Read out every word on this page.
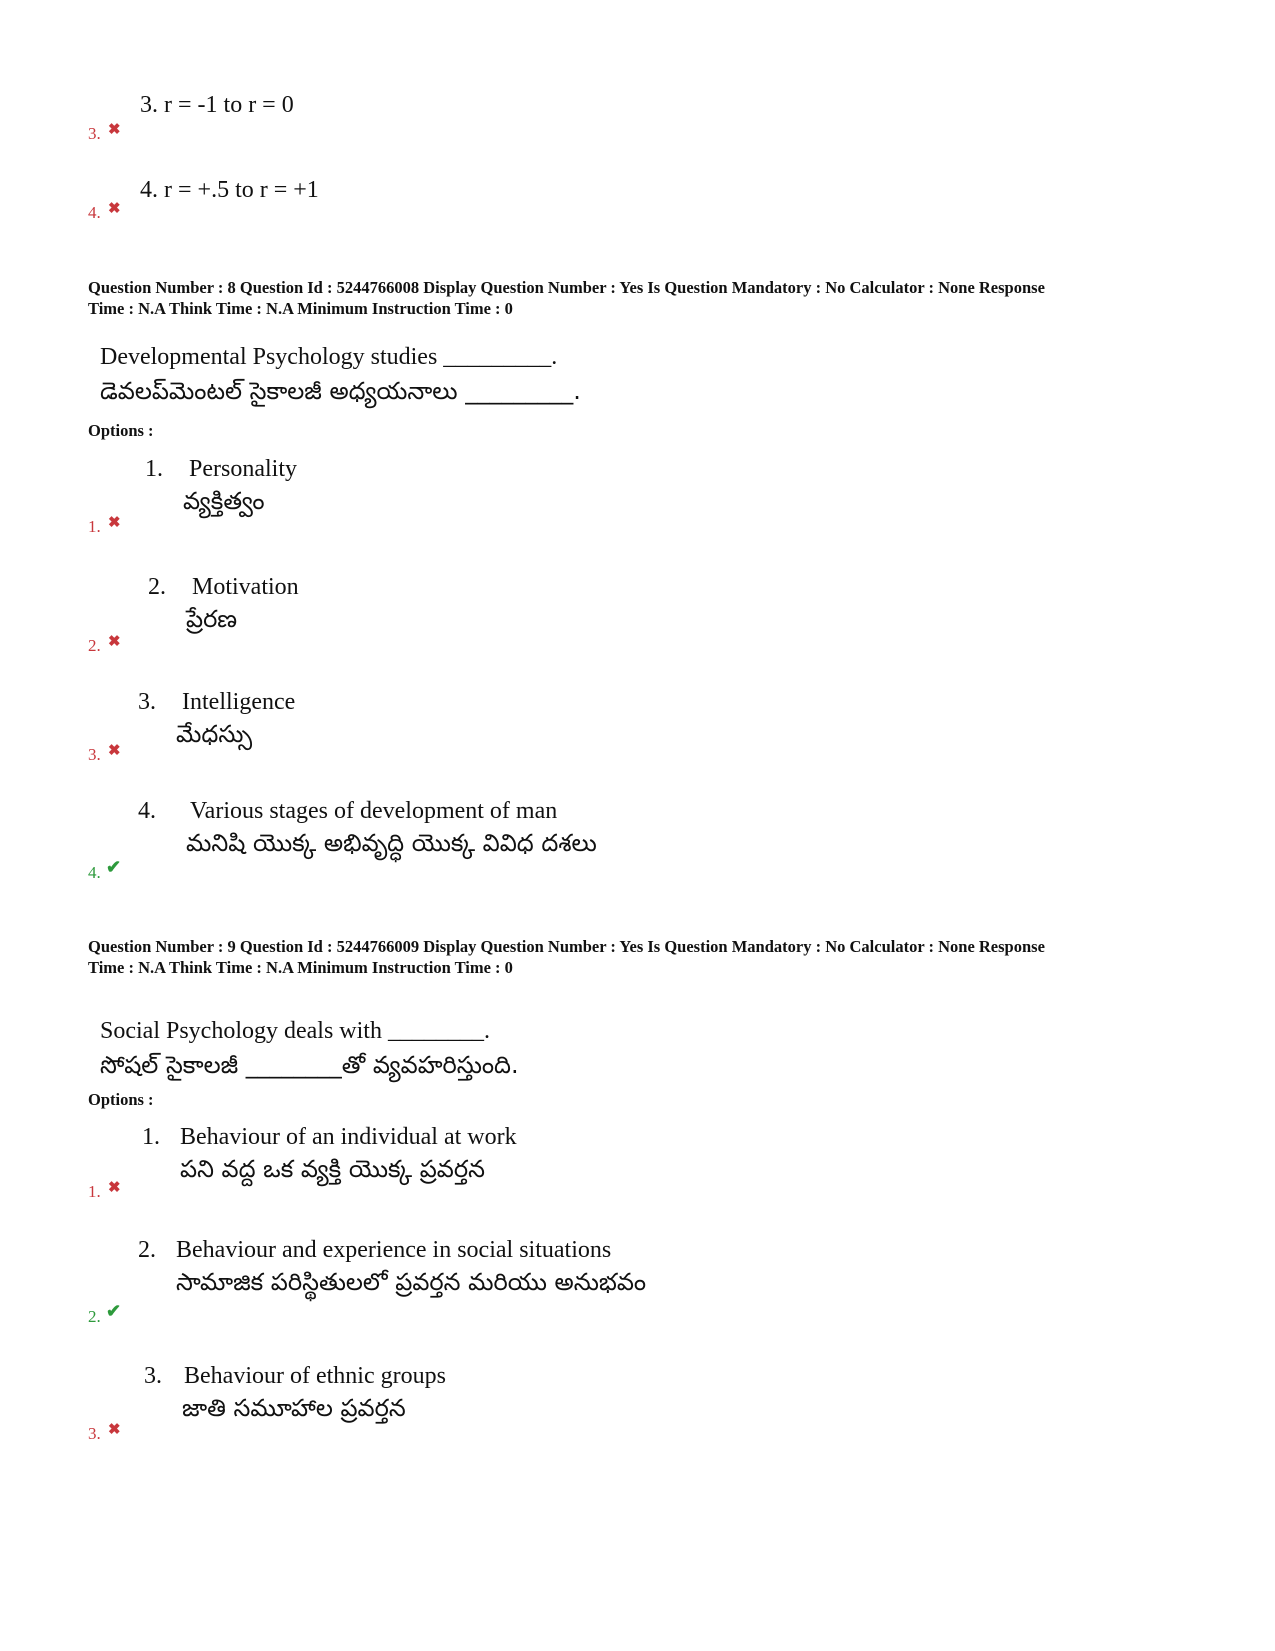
3. r = -1 to r = 0
3. ✖
4. r = +.5 to r = +1
4. ✖
Question Number : 8 Question Id : 5244766008 Display Question Number : Yes Is Question Mandatory : No Calculator : None Response
Time : N.A Think Time : N.A Minimum Instruction Time : 0
Developmental Psychology studies _________.
డెవలప్‌మెంటల్ సైకాలజీ అధ్యయనాలు _________.
Options :
1. Personality
వ్యక్తిత్వం
1. ✖
2. Motivation
ప్రేరణ
2. ✖
3. Intelligence
మేధస్సు
3. ✖
4. Various stages of development of man
మనిషి యొక్క అభివృద్ధి యొక్క వివిధ దశలు
4. ✔
Question Number : 9 Question Id : 5244766009 Display Question Number : Yes Is Question Mandatory : No Calculator : None Response
Time : N.A Think Time : N.A Minimum Instruction Time : 0
Social Psychology deals with ________.
సోషల్ సైకాలజీ ________తో వ్యవహరిస్తుంది.
Options :
1. Behaviour of an individual at work
పని వద్ద ఒక వ్యక్తి యొక్క ప్రవర్తన
1. ✖
2. Behaviour and experience in social situations
సామాజిక పరిస్థితులలో ప్రవర్తన మరియు అనుభవం
2. ✔
3. Behaviour of ethnic groups
జాతి సమూహాల ప్రవర్తన
3. ✖
